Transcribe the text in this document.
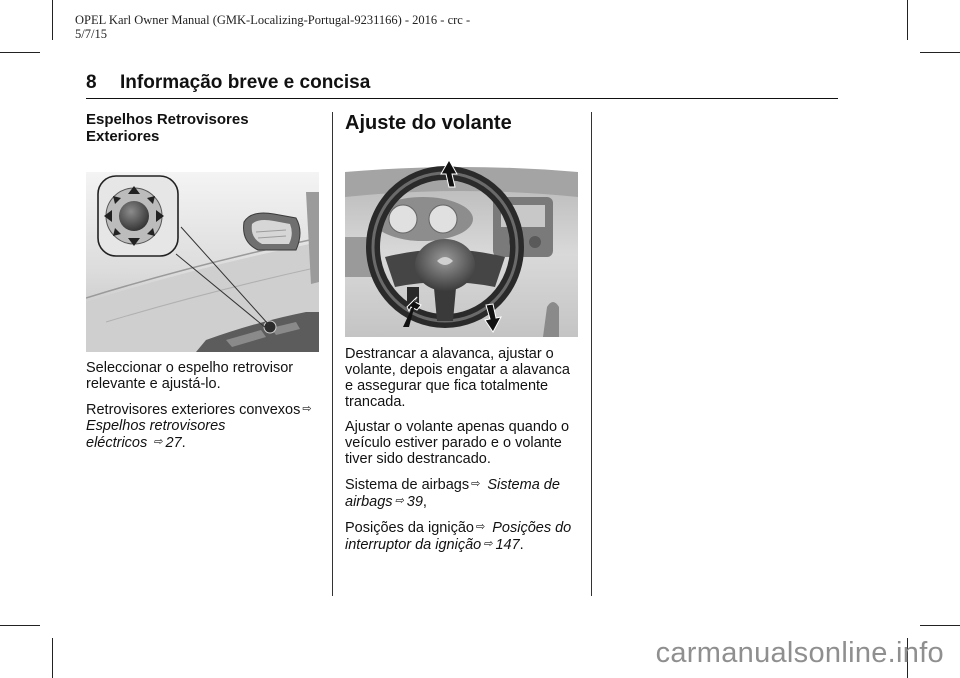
OPEL Karl Owner Manual (GMK-Localizing-Portugal-9231166) - 2016 - crc -
5/7/15
8 Informação breve e concisa
Espelhos Retrovisores
Exteriores

Seleccionar o espelho retrovisor
relevante e ajustá-lo.

Retrovisores exteriores convexos ⇨
Espelhos retrovisores
eléctricos ⇨ 27.

Ajuste do volante

Destrancar a alavanca, ajustar o
volante, depois engatar a alavanca
e assegurar que fica totalmente
trancada.

Ajustar o volante apenas quando o
veículo estiver parado e o volante
tiver sido destrancado.

Sistema de airbags ⇨ Sistema de
airbags ⇨ 39,

Posições da ignição ⇨ Posições do
interruptor da ignição ⇨ 147.

carmanualsonline.info
